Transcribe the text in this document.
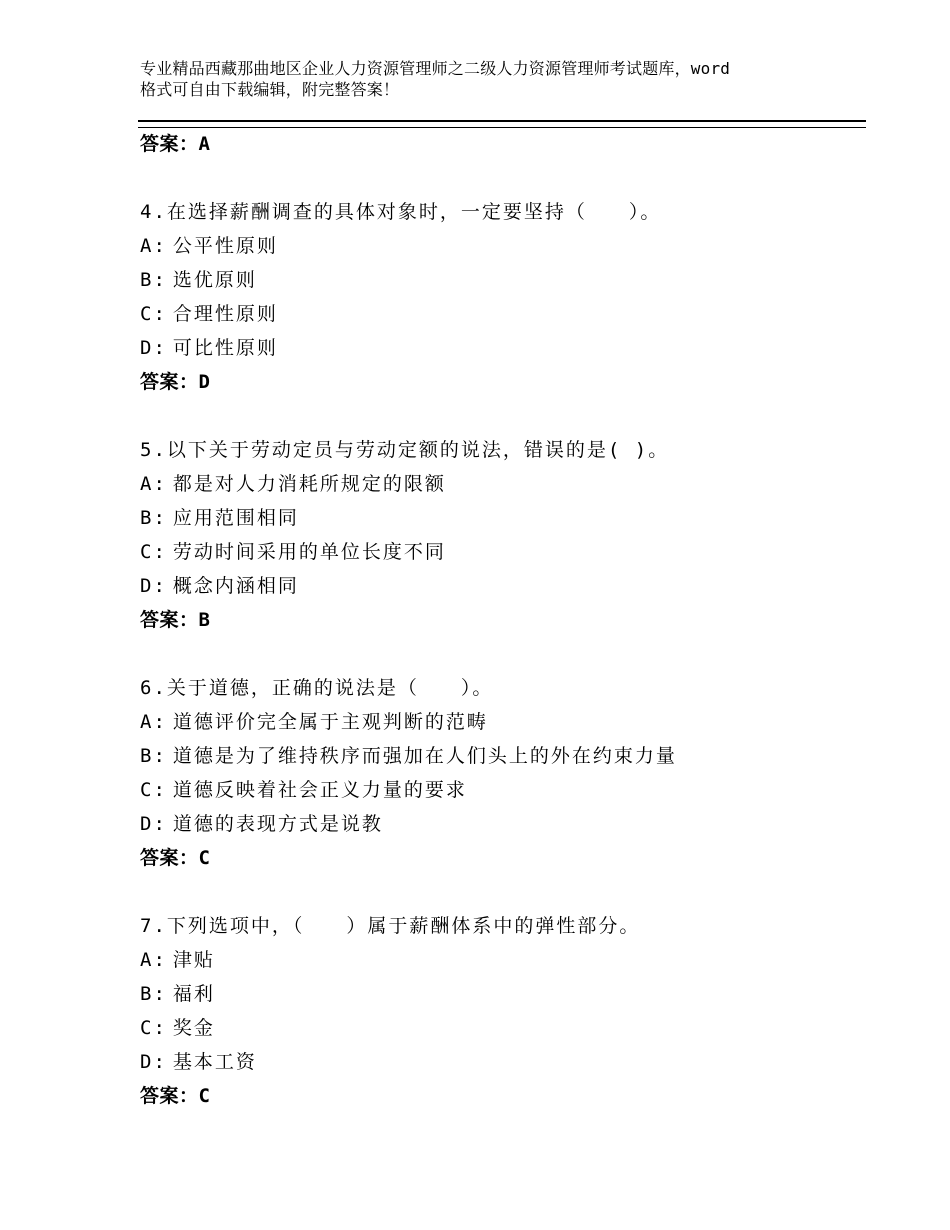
专业精品西藏那曲地区企业人力资源管理师之二级人力资源管理师考试题库，word
格式可自由下载编辑，附完整答案！
答案：A
4.在选择薪酬调查的具体对象时，一定要坚持（　　）。
A: 公平性原则
B: 选优原则
C: 合理性原则
D: 可比性原则
答案：D
5.以下关于劳动定员与劳动定额的说法，错误的是( )。
A: 都是对人力消耗所规定的限额
B: 应用范围相同
C: 劳动时间采用的单位长度不同
D: 概念内涵相同
答案：B
6.关于道德，正确的说法是（　　）。
A: 道德评价完全属于主观判断的范畴
B: 道德是为了维持秩序而强加在人们头上的外在约束力量
C: 道德反映着社会正义力量的要求
D: 道德的表现方式是说教
答案：C
7.下列选项中，（　　）属于薪酬体系中的弹性部分。
A: 津贴
B: 福利
C: 奖金
D: 基本工资
答案：C
